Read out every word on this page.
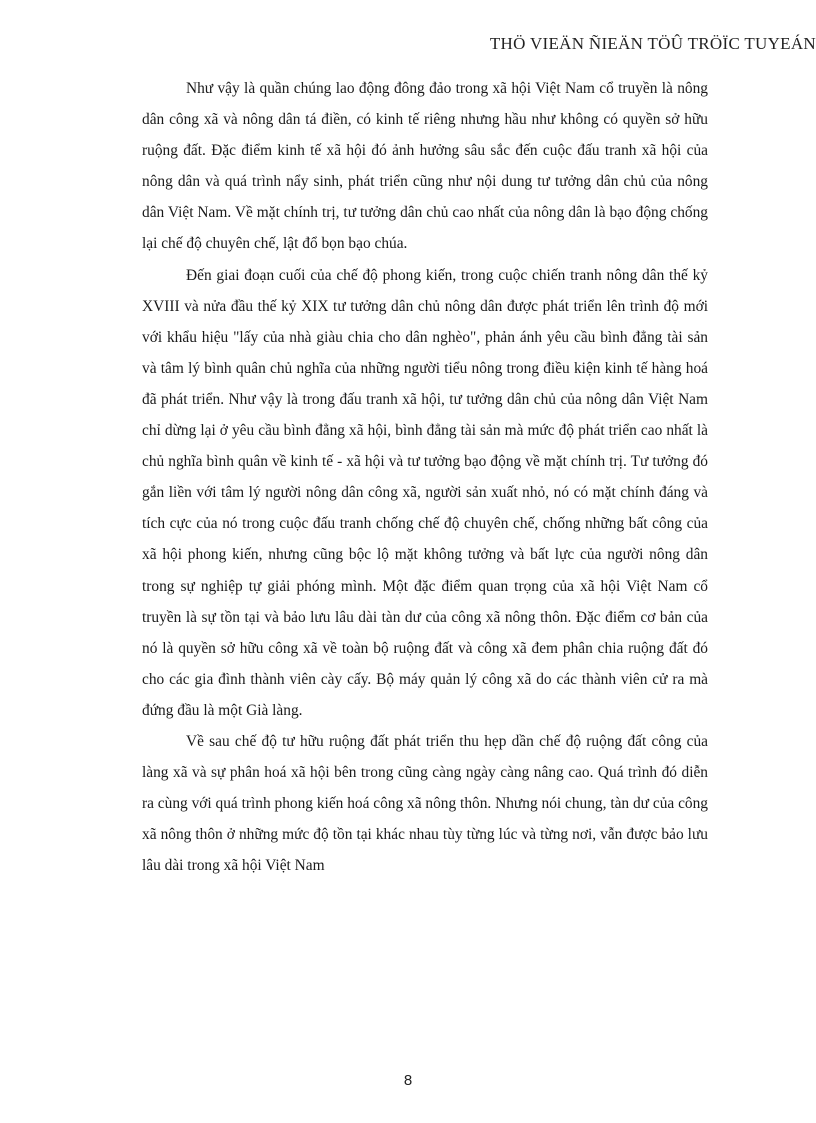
THÖ VIEÄN ÑIEÄN TÖÛ TRÖÏC TUYEÁN

Như vậy là quần chúng lao động đông đảo trong xã hội Việt Nam cổ truyền là nông dân công xã và nông dân tá điền, có kinh tế riêng nhưng hầu như không có quyền sở hữu ruộng đất. Đặc điểm kinh tế xã hội đó ảnh hưởng sâu sắc đến cuộc đấu tranh xã hội của nông dân và quá trình nẩy sinh, phát triển cũng như nội dung tư tưởng dân chủ của nông dân Việt Nam. Về mặt chính trị, tư tưởng dân chủ cao nhất của nông dân là bạo động chống lại chế độ chuyên chế, lật đổ bọn bạo chúa.

Đến giai đoạn cuối của chế độ phong kiến, trong cuộc chiến tranh nông dân thế kỷ XVIII và nửa đầu thế kỷ XIX tư tưởng dân chủ nông dân được phát triển lên trình độ mới với khẩu hiệu "lấy của nhà giàu chia cho dân nghèo", phản ánh yêu cầu bình đẳng tài sản và tâm lý bình quân chủ nghĩa của những người tiểu nông trong điều kiện kinh tế hàng hoá đã phát triển. Như vậy là trong đấu tranh xã hội, tư tưởng dân chủ của nông dân Việt Nam chỉ dừng lại ở yêu cầu bình đẳng xã hội, bình đẳng tài sản mà mức độ phát triển cao nhất là chủ nghĩa bình quân về kinh tế - xã hội và tư tưởng bạo động về mặt chính trị. Tư tưởng đó gắn liền với tâm lý người nông dân công xã, người sản xuất nhỏ, nó có mặt chính đáng và tích cực của nó trong cuộc đấu tranh chống chế độ chuyên chế, chống những bất công của xã hội phong kiến, nhưng cũng bộc lộ mặt không tưởng và bất lực của người nông dân trong sự nghiệp tự giải phóng mình. Một đặc điểm quan trọng của xã hội Việt Nam cổ truyền là sự tồn tại và bảo lưu lâu dài tàn dư của công xã nông thôn. Đặc điểm cơ bản của nó là quyền sở hữu công xã về toàn bộ ruộng đất và công xã đem phân chia ruộng đất đó cho các gia đình thành viên cày cấy. Bộ máy quản lý công xã do các thành viên cử ra mà đứng đầu là một Già làng.

Về sau chế độ tư hữu ruộng đất phát triển thu hẹp dần chế độ ruộng đất công của làng xã và sự phân hoá xã hội bên trong cũng càng ngày càng nâng cao. Quá trình đó diễn ra cùng với quá trình phong kiến hoá công xã nông thôn. Nhưng nói chung, tàn dư của công xã nông thôn ở những mức độ tồn tại khác nhau tùy từng lúc và từng nơi, vẫn được bảo lưu lâu dài trong xã hội Việt Nam

8
